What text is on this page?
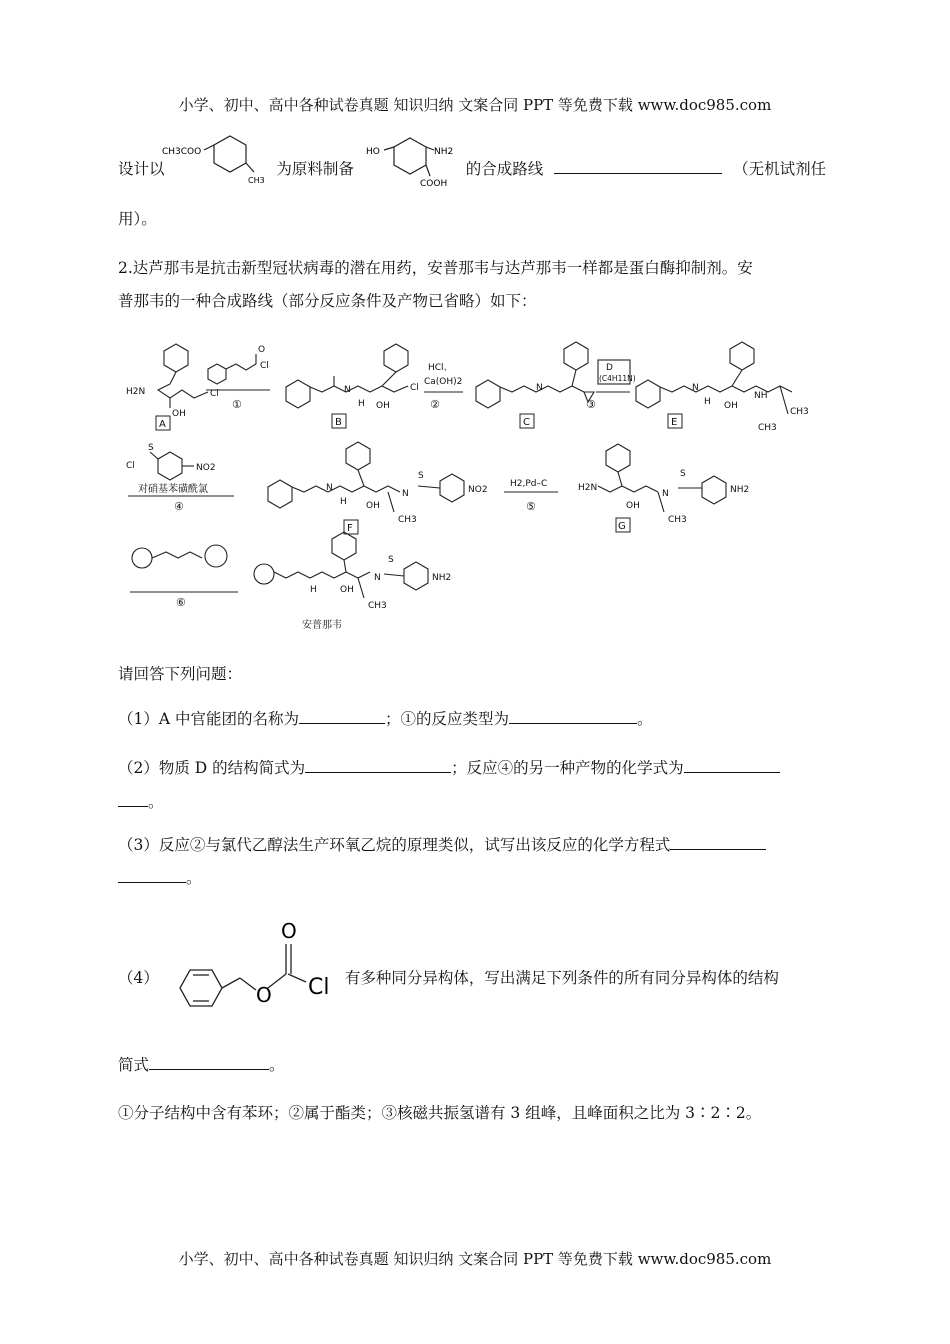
小学、初中、高中各种试卷真题 知识归纳 文案合同 PPT 等免费下载 www.doc985.com
小学、初中、高中各种试卷真题 知识归纳 文案合同 PPT 等免费下载 www.doc985.com
设计以	为原料制备	的合成路线	（无机试剂任
用）。
CH3COO
CH3
HO	NH2
COOH
2.达芦那韦是抗击新型冠状病毒的潜在用药，安普那韦与达芦那韦一样都是蛋白酶抑制剂。安
普那韦的一种合成路线（部分反应条件及产物已省略）如下：
H2N
OH
Cl
O
Cl
N
H OH
Cl
HCl、
Ca(OH)2
N
D
(C4H11N)
N
H OH
NH
CH3
CH3
Cl
S
NO2
对硝基苯磺酰氯	N
H OH
N
S
NO2
CH3
H2,Pd–C	H2N
OH
N
S
NH2
CH3
H	OH
N
S
NH2
CH3
安普那韦
①	②	③
④	⑤
⑥
A	B	C	E
F	G
请回答下列问题：
（1）A 中官能团的名称为	；①的反应类型为	。
（2）物质 D 的结构简式为	；反应④的另一种产物的化学式为
。
（3）反应②与氯代乙醇法生产环氧乙烷的原理类似，试写出该反应的化学方程式
。
（4）	有多种同分异构体，写出满足下列条件的所有同分异构体的结构
O
O
Cl
简式	。
①分子结构中含有苯环；②属于酯类；③核磁共振氢谱有 3 组峰，且峰面积之比为 3∶2∶2。
